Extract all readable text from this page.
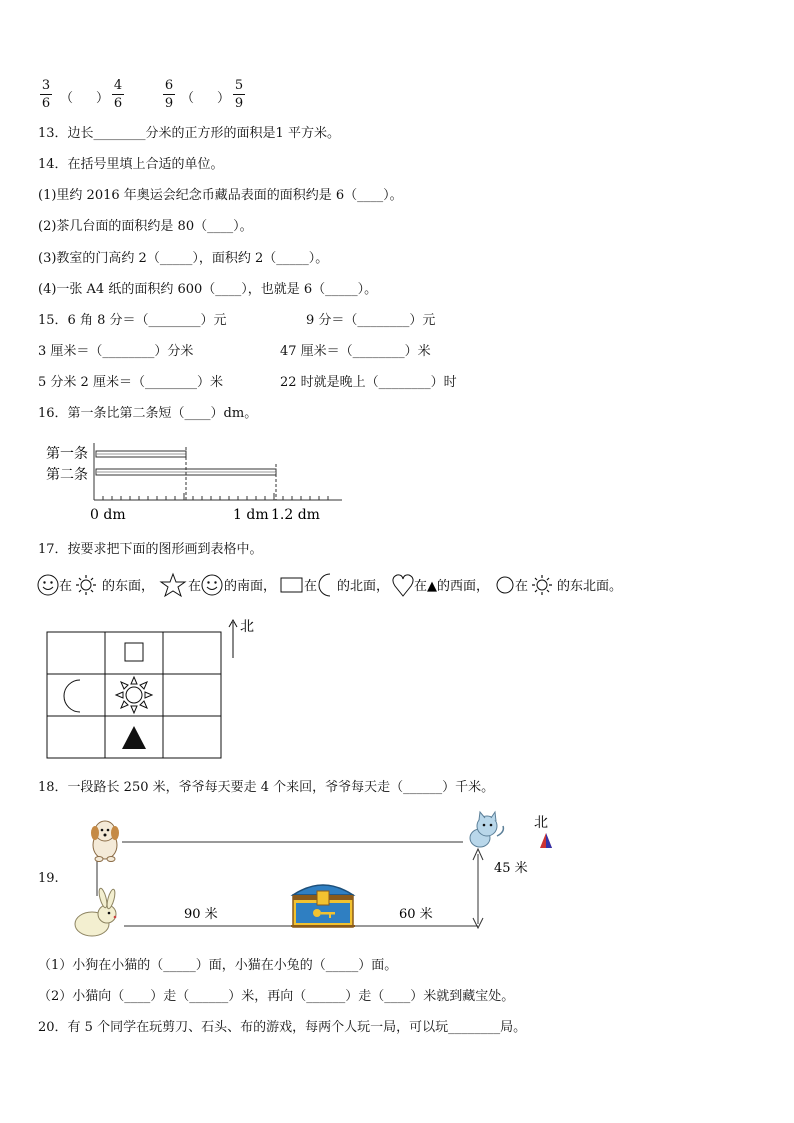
3
6 （ ）
4
6
6
9 （ ）
5
9
13．边长________分米的正方形的面积是1 平方米。
14．在括号里填上合适的单位。
(1)里约 2016 年奥运会纪念币藏品表面的面积约是 6（____）。
(2)茶几台面的面积约是 80（____）。
(3)教室的门高约 2（_____），面积约 2（_____）。
(4)一张 A4 纸的面积约 600（____），也就是 6（_____）。
15．6 角 8 分＝（________）元	9 分＝（________）元
3 厘米＝（________）分米	47 厘米＝（________）米
5 分米 2 厘米＝（________）米	22 时就是晚上（________）时
16．第一条比第二条短（____）dm。
第一条
第二条
0 dm	1 dm 1.2 dm
17．按要求把下面的图形画到表格中。
在 的东面，	在 的南面， 在 的北面， 在▲的西面， 在 的东北面。
北
18．一段路长 250 米，爷爷每天要走 4 个来回，爷爷每天走（______）千米。
19.
45 米
90 米	60 米
北
（1）小狗在小猫的（_____）面，小猫在小兔的（_____）面。
（2）小猫向（____）走（______）米，再向（______）走（____）米就到藏宝处。
20．有 5 个同学在玩剪刀、石头、布的游戏，每两个人玩一局，可以玩________局。
